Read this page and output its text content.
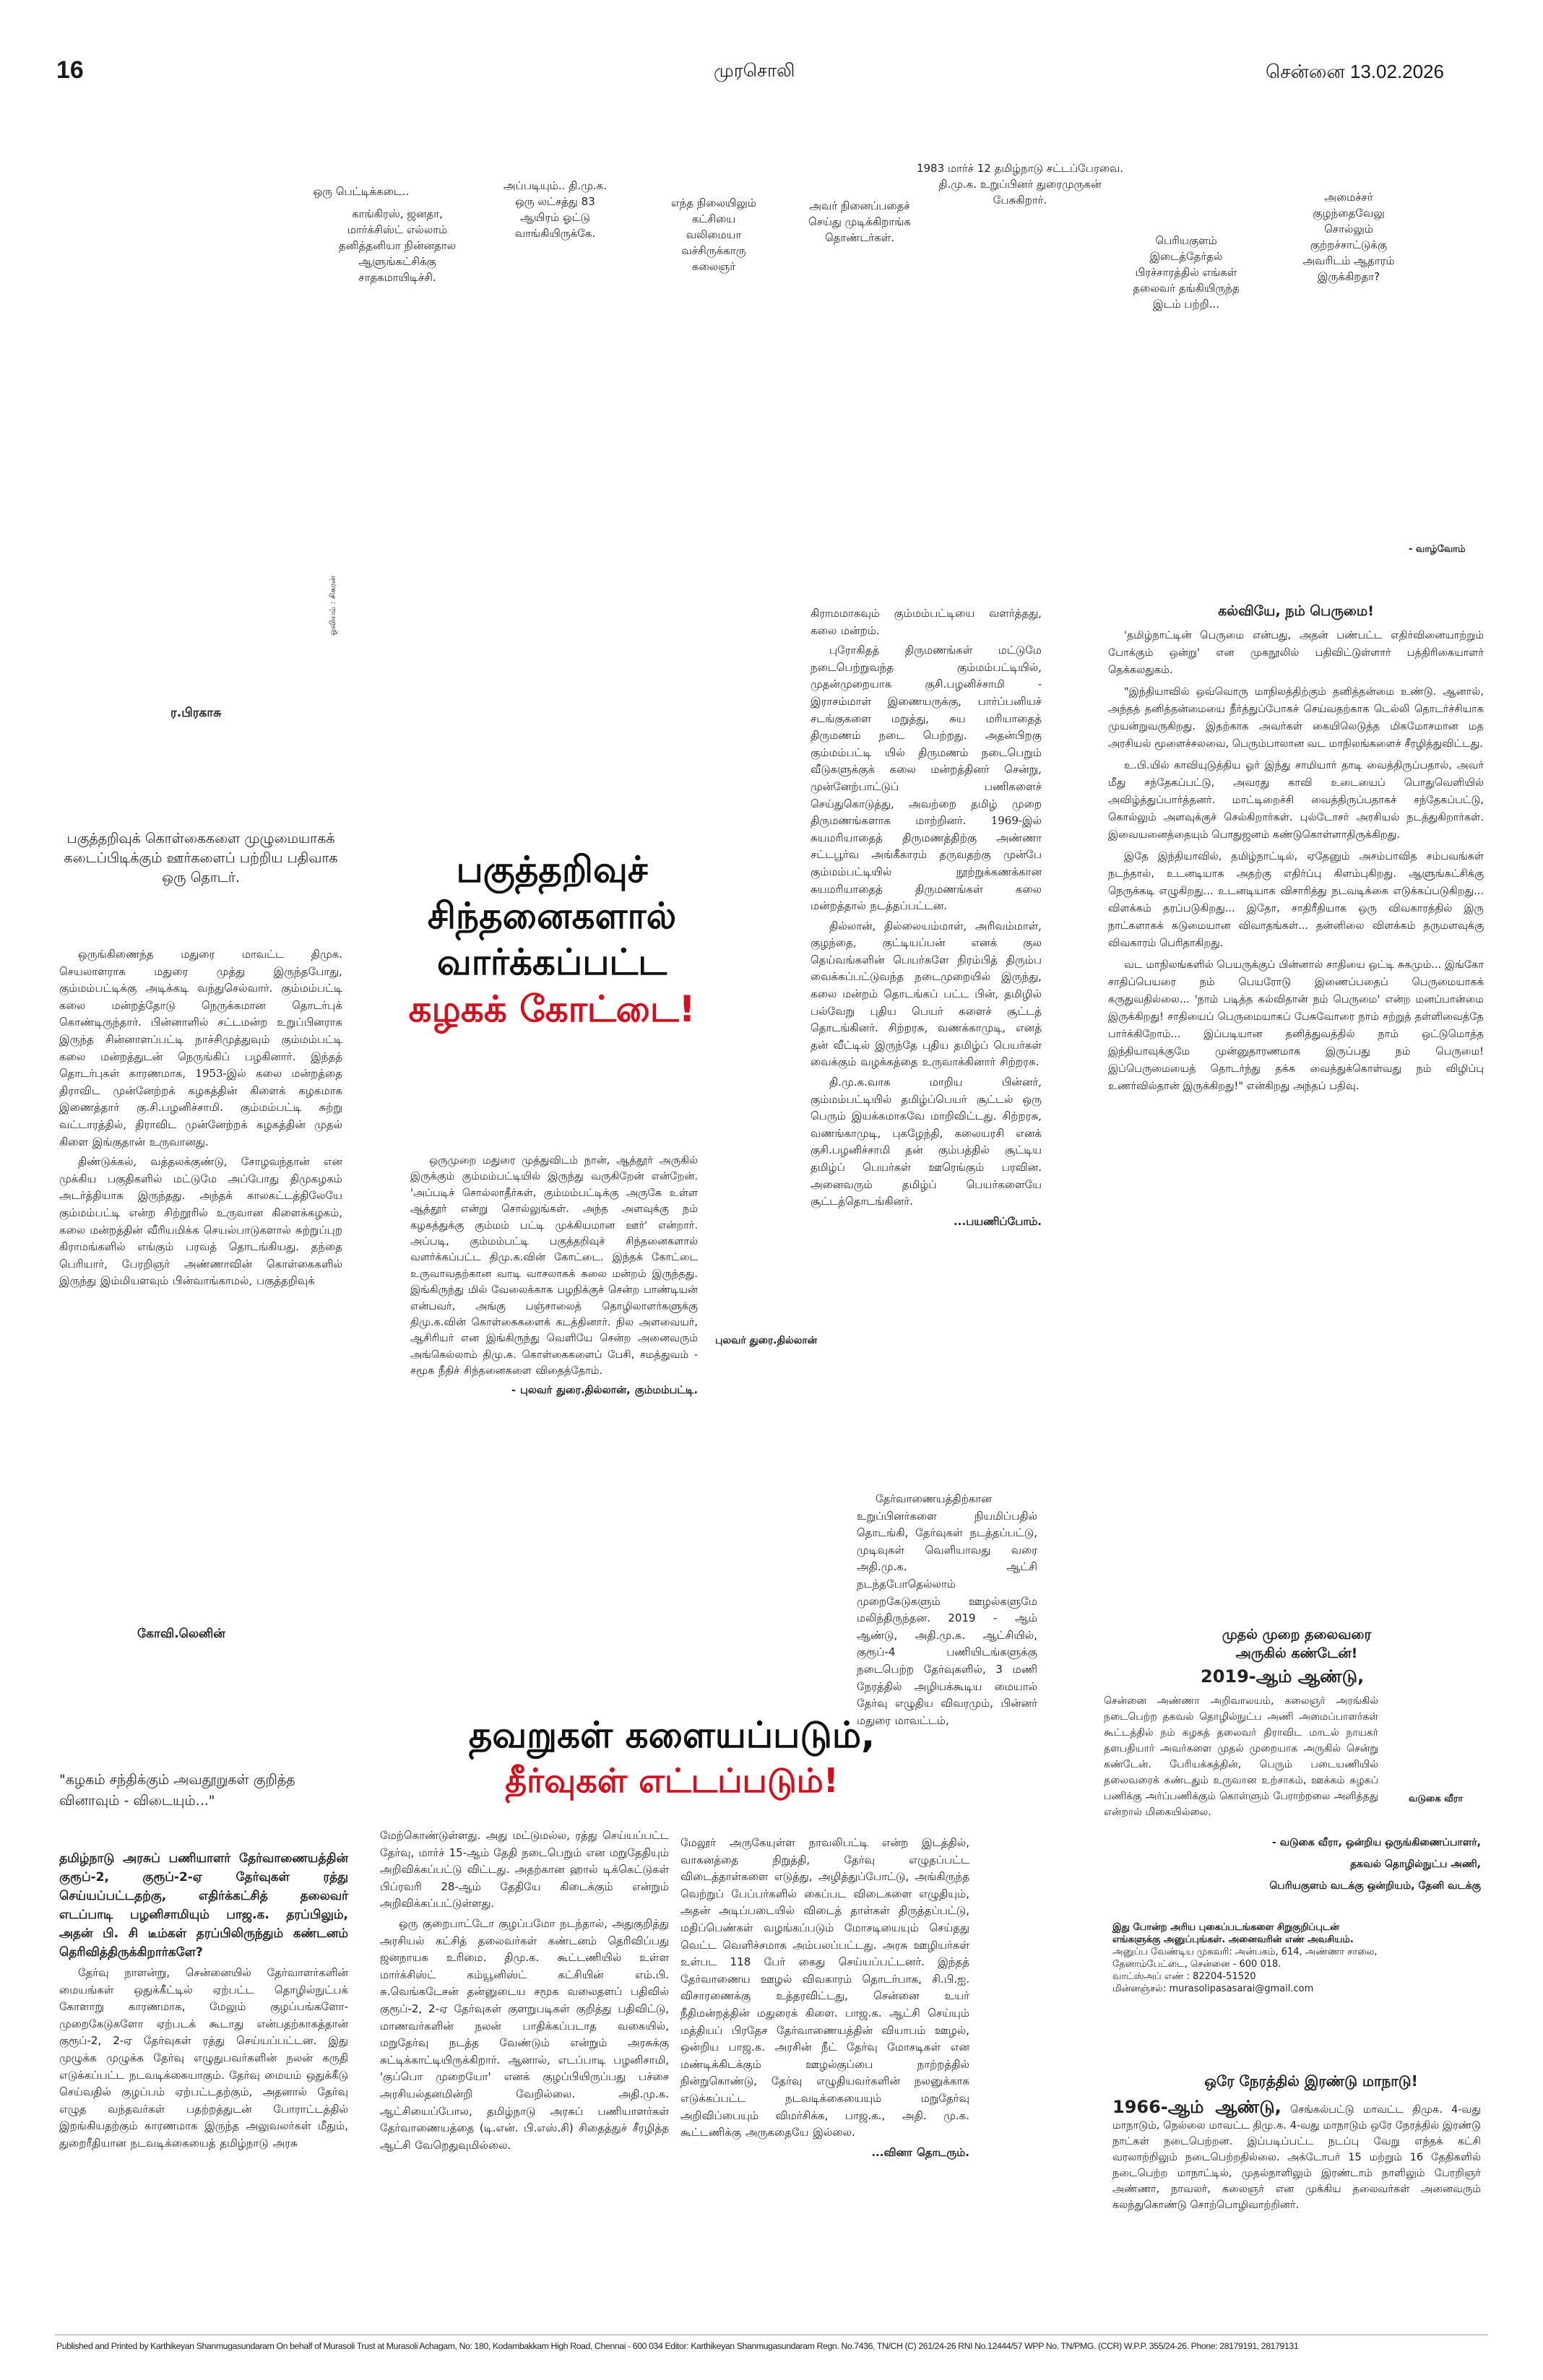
16	முரசொலி	சென்னை 13.02.2026
ஒரு பெட்டிக்கடை..
காங்கிரஸ், ஜனதா, மார்க்சிஸ்ட் எல்லாம் தனித்தனியா நின்னதால ஆளுங்கட்சிக்கு சாதகமாயிடிச்சி.
அப்படியும்.. தி.மு.க. ஒரு லட்சத்து 83 ஆயிரம் ஓட்டு வாங்கியிருக்கே.
எந்த நிலையிலும் கட்சியை வலிமையா வச்சிருக்காரு கலைஞர்
அவர் நினைப்பதைச் செய்து முடிக்கிறாங்க தொண்டர்கள்.
1983 மார்ச் 12 தமிழ்நாடு சட்டப்பேரவை. தி.மு.க. உறுப்பினர் துரைமுருகன் பேசுகிறார்.
பெரியகுளம் இடைத்தேர்தல் பிரச்சாரத்தில் எங்கள் தலைவர் தங்கியிருந்த இடம் பற்றி...
அமைச்சர் குழந்தைவேலு சொல்லும் குற்றச்சாட்டுக்கு அவரிடம் ஆதாரம் இருக்கிறதா?
- வாழ்வோம்
ஓவியம் : சிகரன்
ர.பிரகாசு
பகுத்தறிவுக் கொள்கைகளை முழுமையாகக் கடைப்பிடிக்கும் ஊர்களைப் பற்றிய பதிவாக ஒரு தொடர்.

ஒருங்கிணைந்த மதுரை மாவட்ட திமுக. செயலாளராக மதுரை முத்து இருந்தபோது, கும்மம்பட்டிக்கு அடிக்கடி வந்துசெல்வார். கும்மம்பட்டி கலை மன்றத்தோடு நெருக்கமான தொடர்புக் கொண்டிருந்தார். பின்னாளில் சட்டமன்ற உறுப்பினராக இருந்த சின்னாளப்பட்டி நாச்சிமுத்துவும் கும்மம்பட்டி கலை மன்றத்துடன் நெருங்கிப் பழகினார். இந்தத் தொடர்புகள் காரணமாக, 1953-இல் கலை மன்றத்தை திராவிட முன்னேற்றக் கழகத்தின் கிளைக் கழகமாக இணைத்தார் கு.சி.பழனிச்சாமி. கும்மம்பட்டி சுற்று வட்டாரத்தில், திராவிட முன்னேற்றக் கழகத்தின் முதல் கிளை இங்குதான் உருவானது.

திண்டுக்கல், வத்தலக்குண்டு, சோழவந்தான் என முக்கிய பகுதிகளில் மட்டுமே அப்போது திமுகழகம் அடர்த்தியாக இருந்தது. அந்தக் காலகட்டத்திலேயே கும்மம்பட்டி என்ற சிற்றூரில் உருவான கிளைக்கழகம், கலை மன்றத்தின் வீரியமிக்க செயல்பாடுகளால் சுற்றுப்புற கிராமங்களில் எங்கும் பரவத் தொடங்கியது. தந்தை பெரியார், பேரறிஞர் அண்ணாவின் கொள்கைகளில் இருந்து இம்மியளவும் பின்வாங்காமல், பகுத்தறிவுக்

பகுத்தறிவுச்
சிந்தனைகளால்
வார்க்கப்பட்ட
கழகக் கோட்டை!

ஒருமுறை மதுரை முத்துவிடம் நான், ஆத்தூர் அருகில் இருக்கும் கும்மம்பட்டியில் இருந்து வருகிறேன் என்றேன். 'அப்படிச் சொல்லாதீர்கள், கும்மம்பட்டிக்கு அருகே உள்ள ஆத்தூர் என்று சொல்லுங்கள். அந்த அளவுக்கு நம் கழகத்துக்கு கும்மம் பட்டி முக்கியமான ஊர்' என்றார். அப்படி, கும்மம்பட்டி பகுத்தறிவுச் சிந்தனைகளால் வளர்க்கப்பட்ட திமு.க.வின் கோட்டை. இந்தக் கோட்டை உருவாவதற்கான வாடி வாசலாகக் கலை மன்றம் இருந்தது. இங்கிருந்து மில் வேலைக்காக பழநிக்குச் சென்ற பாண்டியன் என்பவர், அங்கு பஞ்சாலைத் தொழிலாளர்களுக்கு திமு.க.வின் கொள்கைகளைக் கடத்தினார். நில அளவையர், ஆசிரியர் என இங்கிருந்து வெளியே சென்ற அனைவரும் அங்கெல்லாம் திமு.க. கொள்கைகளைப் பேசி, சமத்துவம் - சமூக நீதிச் சிந்தனைகளை விதைத்தோம்.

- புலவர் துரை.தில்லான், கும்மம்பட்டி.
புலவர் துரை.தில்லான்

கிராமமாகவும் கும்மம்பட்டியை வளர்த்தது, கலை மன்றம்.

புரோகிதத் திருமணங்கள் மட்டுமே நடைபெற்றுவந்த கும்மம்பட்டியில், முதன்முறையாக குசி.பழனிச்சாமி - இராசம்மாள் இணையருக்கு, பார்ப்பனியச் சடங்குகளை மறுத்து, சுய மரியாதைத் திருமணம் நடை பெற்றது. அதன்பிறகு கும்மம்பட்டி யில் திருமணம் நடைபெறும் வீடுகளுக்குக் கலை மன்றத்தினர் சென்று, முன்னேற்பாட்டுப் பணிகளைச் செய்துகொடுத்து, அவற்றை தமிழ் முறை திருமணங்களாக மாற்றினர். 1969-இல் சுயமரியாதைத் திருமணத்திற்கு அண்ணா சட்டபூர்வ அங்கீகாரம் தருவதற்கு முன்பே கும்மம்பட்டியில் நூற்றுக்கணக்கான சுயமரியாதைத் திருமணங்கள் கலை மன்றத்தால் நடத்தப்பட்டன.

தில்லான், தில்லையம்மாள், அரிவம்மாள், குழந்தை, குட்டியப்பன் எனக் குல தெய்வங்களின் பெயர்களே நிரம்பித் திரும்ப வைக்கப்பட்டுவந்த நடைமுறையில் இருந்து, கலை மன்றம் தொடங்கப் பட்ட பின், தமிழில் பல்வேறு புதிய பெயர் களைச் சூட்டத் தொடங்கினர். சிற்றரசு, வணக்காமுடி, எனத் தன் வீட்டில் இருந்தே புதிய தமிழ்ப் பெயர்கள் வைக்கும் வழக்கத்தை உருவாக்கினார் சிற்றரசு.

தி.மு.க.வாக மாறிய பின்னர், கும்மம்பட்டியில் தமிழ்ப்பெயர் சூட்டல் ஒரு பெரும் இயக்கமாகவே மாறிவிட்டது. சிற்றரசு, வணங்காமுடி, புகழேந்தி, கலையரசி எனக் குசி.பழனிச்சாமி தன் கும்பத்தில் சூட்டிய தமிழ்ப் பெயர்கள் ஊரெங்கும் பரவின. அனைவரும் தமிழ்ப் பெயர்களையே சூட்டத்தொடங்கினர்.

...பயணிப்போம்.
கல்வியே, நம் பெருமை!

'தமிழ்நாட்டின் பெருமை என்பது, அதன் பண்பட்ட எதிர்வினையாற்றும் போக்கும் ஒன்று' என முகநூலில் பதிவிட்டுள்ளார் பத்திரிகையாளர் தெக்கலதுகம்.

"இந்தியாவில் ஒவ்வொரு மாநிலத்திற்கும் தனித்தன்மை உண்டு. ஆனால், அந்தத் தனித்தன்மையை நீர்த்துப்போகச் செய்வதற்காக டெல்லி தொடர்ச்சியாக முயன்றுவருகிறது. இதற்காக அவர்கள் கையிலெடுத்த மிகமோசமான மத அரசியல் மூளைச்சலவை, பெரும்பாலான வட மாநிலங்களைச் சீரழித்துவிட்டது.

உ.பி.யில் காவியுடுத்திய ஓர் இந்து சாமியார் தாடி வைத்திருப்பதால், அவர் மீது சந்தேகப்பட்டு, அவரது காவி உடையைப் பொதுவெளியில் அவிழ்த்துப்பார்த்தனர். மாட்டிறைச்சி வைத்திருப்பதாகச் சந்தேகப்பட்டு, கொல்லும் அளவுக்குச் செல்கிறார்கள். புல்டோசர் அரசியல் நடத்துகிறார்கள். இவையனைத்தையும் பொதுஜனம் கண்டுகொள்ளாதிருக்கிறது.

இதே இந்தியாவில், தமிழ்நாட்டில், ஏதேனும் அசம்பாவித சம்பவங்கள் நடந்தால், உடனடியாக அதற்கு எதிர்ப்பு கிளம்புகிறது. ஆளுங்கட்சிக்கு நெருக்கடி எழுகிறது... உடனடியாக விசாரித்து நடவடிக்கை எடுக்கப்படுகிறது... விளக்கம் தரப்படுகிறது... இதோ, சாதிரீதியாக ஒரு விவகாரத்தில் இரு நாட்களாகக் கடுமையான விவாதங்கள்... தன்னிலை விளக்கம் தருமளவுக்கு விவகாரம் பெரிதாகிறது.

வட மாநிலங்களில் பெயருக்குப் பின்னால் சாதியை ஒட்டி சுகமும்... இங்கோ சாதிப்பெயரை நம் பெயரோடு இணைப்பதைப் பெருமையாகக் கருதுவதில்லை... 'நாம் படித்த கல்விதான் நம் பெருமை' என்ற மனப்பான்மை இருக்கிறது! சாதியைப் பெருமையாகப் பேசுவோரை நாம் சற்றுத் தள்ளிவைத்தே பார்க்கிறோம்... இப்படியான தனித்துவத்தில் நாம் ஒட்டுமொத்த இந்தியாவுக்குமே முன்னுதாரணமாக இருப்பது நம் பெருமை! இப்பெருமையைத் தொடர்ந்து தக்க வைத்துக்கொள்வது நம் விழிப்பு உணர்வில்தான் இருக்கிறது!" என்கிறது அந்தப் பதிவு.

கோவி.லெனின்
"கழகம் சந்திக்கும் அவதூறுகள் குறித்த வினாவும் - விடையும்..."
தவறுகள் களையப்படும்,
தீர்வுகள் எட்டப்படும்!

தமிழ்நாடு அரசுப் பணியாளர் தேர்வாணையத்தின் குரூப்-2, குரூப்-2-ஏ தேர்வுகள் ரத்து செய்யப்பட்டதற்கு, எதிர்க்கட்சித் தலைவர் எடப்பாடி பழனிசாமியும் பாஜ.க. தரப்பிலும், அதன் பி. சி டீம்கள் தரப்பிலிருந்தும் கண்டனம் தெரிவித்திருக்கிறார்களே?

தேர்வு நாளன்று, சென்னையில் தேர்வாளர்களின் மையங்கள் ஒதுக்கீட்டில் ஏற்பட்ட தொழில்நுட்பக் கோளாறு காரணமாக, மேலும் குழப்பங்களோ-முறைகேடுகளோ ஏற்படக் கூடாது என்பதற்காகத்தான் குரூப்-2, 2-ஏ தேர்வுகள் ரத்து செய்யப்பட்டன. இது முழுக்க முழுக்க தேர்வு எழுதுபவர்களின் நலன் கருதி எடுக்கப்பட்ட நடவடிக்கையாகும். தேர்வு மையம் ஒதுக்கீடு செய்வதில் குழப்பம் ஏற்பட்டதற்கும், அதனால் தேர்வு எழுத வந்தவர்கள் பதற்றத்துடன் போராட்டத்தில் இறங்கியதற்கும் காரணமாக இருந்த அலுவலர்கள் மீதும், துறைரீதியான நடவடிக்கையைத் தமிழ்நாடு அரசு

மேற்கொண்டுள்ளது. அது மட்டுமல்ல, ரத்து செய்யப்பட்ட தேர்வு, மார்ச் 15-ஆம் தேதி நடைபெறும் என மறுதேதியும் அறிவிக்கப்பட்டு விட்டது. அதற்கான ஹால் டிக்கெட்டுகள் பிப்ரவரி 28-ஆம் தேதியே கிடைக்கும் என்றும் அறிவிக்கப்பட்டுள்ளது.

ஒரு குறைபாட்டோ குழப்பமோ நடந்தால், அதுகுறித்து அரசியல் கட்சித் தலைவர்கள் கண்டனம் தெரிவிப்பது ஜனநாயக உரிமை. திமு.க. கூட்டணியில் உள்ள மார்க்சிஸ்ட் கம்யூனிஸ்ட் கட்சியின் எம்.பி. சு.வெங்கடேசன் தன்னுடைய சமூக வலைதளப் பதிவில் குரூப்-2, 2-ஏ தேர்வுகள் குளறுபடிகள் குறித்து பதிவிட்டு, மாணவர்களின் நலன் பாதிக்கப்படாத வகையில், மறுதேர்வு நடத்த வேண்டும் என்றும் அரசுக்கு சுட்டிக்காட்டியிருக்கிறார். ஆனால், எடப்பாடி பழனிசாமி, 'குப்பொ முறையோ' எனக் குழப்பியிருப்பது பச்சை அரசியல்தனமின்றி வேறில்லை. அதி.மு.க. ஆட்சியைப்போல, தமிழ்நாடு அரசுப் பணியாளர்கள் தேர்வாணையத்தை (டி.என். பி.எஸ்.சி) சிதைத்துச் சீரழித்த ஆட்சி வேறெதுவுமில்லை.

மேலூர் அருகேயுள்ள நாவலிபட்டி என்ற இடத்தில், வாகனத்தை நிறுத்தி, தேர்வு எழுதப்பட்ட விடைத்தாள்களை எடுத்து, அழித்துப்போட்டு, அங்கிருந்த வெற்றுப் பேப்பர்களில் கைப்பட விடைகளை எழுதியும், அதன் அடிப்படையில் விடைத் தாள்கள் திருத்தப்பட்டு, மதிப்பெண்கள் வழங்கப்படும் மோசடியையும் செய்தது வெட்ட வெளிச்சமாக அம்பலப்பட்டது. அரசு ஊழியர்கள் உள்பட 118 பேர் கைது செய்யப்பட்டனர். இந்தத் தேர்வாணைய ஊழல் விவகாரம் தொடர்பாக, சி.பி.ஐ. விசாரணைக்கு உத்தரவிட்டது, சென்னை உயர் நீதிமன்றத்தின் மதுரைக் கிளை. பாஜ.க. ஆட்சி செய்யும் மத்தியப் பிரதேச தேர்வாணையத்தின் வியாபம் ஊழல், ஒன்றிய பாஜ.க. அரசின் நீட் தேர்வு மோசடிகள் என மண்டிக்கிடக்கும் ஊழல்குப்பை நாற்றத்தில் நின்றுகொண்டு, தேர்வு எழுதியவர்களின் நலனுக்காக எடுக்கப்பட்ட நடவடிக்கையையும் மறுதேர்வு அறிவிப்பையும் விமர்சிக்க, பாஜ.க., அதி. மு.க. கூட்டணிக்கு அருகதையே இல்லை.

...வினா தொடரும்.

தேர்வாணையத்திற்கான உறுப்பினர்களை நியமிப்பதில் தொடங்கி, தேர்வுகள் நடத்தப்பட்டு, முடிவுகள் வெளியாவது வரை அதி.மு.க. ஆட்சி நடந்தபோதெல்லாம் முறைகேடுகளும் ஊழல்களுமே மலிந்திருந்தன. 2019 - ஆம் ஆண்டு, அதி.மு.க. ஆட்சியில், குரூப்-4 பணியிடங்களுக்கு நடைபெற்ற தேர்வுகளில், 3 மணி நேரத்தில் அழியக்கூடிய மையால் தேர்வு எழுதிய விவரமும், பின்னர் மதுரை மாவட்டம்,

முதல் முறை தலைவரை
அருகில் கண்டேன்!
2019-ஆம் ஆண்டு,
சென்னை அண்ணா அறிவாலயம், கலைஞர் அரங்கில் நடைபெற்ற தகவல் தொழில்நுட்ப அணி அமைப்பாளர்கள் கூட்டத்தில் நம் கழகத் தலைவர் திராவிட மாடல் நாயகர் தளபதியார் அவர்களை முதல் முறையாக அருகில் சென்று கண்டேன். பேரியக்கத்தின், பெரும் படையணியில் தலைவரைக் கண்டதும் உருவான உற்சாகம், ஊக்கம் கழகப் பணிக்கு அர்ப்பணிக்கும் கொள்ளும் பேராற்றலை அளித்தது என்றால் மிகையில்லை.
வடுகை வீரா
- வடுகை வீரா, ஒன்றிய ஒருங்கிணைப்பாளர்,
தகவல் தொழில்நுட்ப அணி,
பெரியகுளம் வடக்கு ஒன்றியம், தேனி வடக்கு
இது போன்ற அரிய புகைப்படங்களை சிறுகுறிப்புடன்
எங்களுக்கு அனுப்புங்கள். அனைவரின் எண் அவசியம்.
அனுப்ப வேண்டிய முகவரி: அன்பகம், 614, அண்ணா சாலை,
தேனாம்பேட்டை, சென்னை - 600 018.
வாட்ஸ்அப் எண் : 82204-51520
மின்னஞ்சல்: murasolipasasarai@gmail.com
ஒரே நேரத்தில் இரண்டு மாநாடு!
1966-ஆம் ஆண்டு, செங்கல்பட்டு மாவட்ட திமுக. 4-வது மாநாடும், நெல்லை மாவட்ட திமு.க. 4-வது மாநாடும் ஒரே நேரத்தில் இரண்டு நாட்கள் நடைபெற்றன. இப்படிப்பட்ட நடப்பு வேறு எந்தக் கட்சி வரலாற்றிலும் நடைபெற்றதில்லை. அக்டோபர் 15 மற்றும் 16 தேதிகளில் நடைபெற்ற மாநாட்டில், முதல்நாளிலும் இரண்டாம் நாளிலும் பேரறிஞர் அண்ணா, நாவலர், கலைஞர் என முக்கிய தலைவர்கள் அனைவரும் கலந்துகொண்டு சொற்பொழிவாற்றினர்.
Published and Printed by Karthikeyan Shanmugasundaram On behalf of Murasoli Trust at Murasoli Achagam, No: 180, Kodambakkam High Road, Chennai - 600 034 Editor: Karthikeyan Shanmugasundaram Regn. No.7436, TN/CH (C) 261/24-26 RNI No.12444/57 WPP No. TN/PMG. (CCR) W.P.P. 355/24-26. Phone: 28179191, 28179131
